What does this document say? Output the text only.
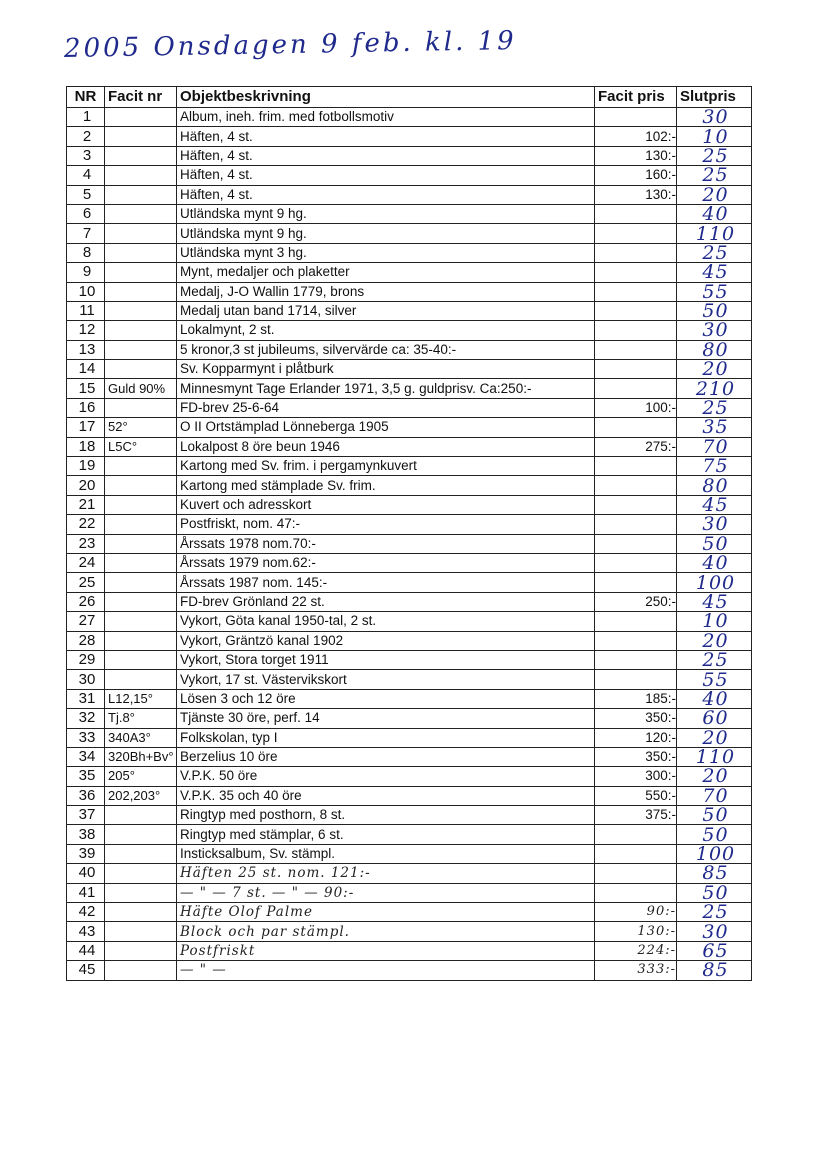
2005 Onsdagen 9 feb. kl. 19
NR	Facit nr	Objektbeskrivning	Facit pris	Slutpris
1		Album, ineh. frim. med fotbollsmotiv		30
2		Häften, 4 st.	102:-	10
3		Häften, 4 st.	130:-	25
4		Häften, 4 st.	160:-	25
5		Häften, 4 st.	130:-	20
6		Utländska mynt 9 hg.		40
7		Utländska mynt 9 hg.		110
8		Utländska mynt 3 hg.		25
9		Mynt, medaljer och plaketter		45
10		Medalj, J-O Wallin 1779, brons		55
11		Medalj utan band 1714, silver		50
12		Lokalmynt, 2 st.		30
13		5 kronor,3 st jubileums, silvervärde ca: 35-40:-		80
14		Sv. Kopparmynt i plåtburk		20
15	Guld 90%	Minnesmynt Tage Erlander 1971, 3,5 g. guldprisv. Ca:250:-		210
16		FD-brev 25-6-64	100:-	25
17	52°	O II Ortstämplad Lönneberga 1905		35
18	L5C°	Lokalpost 8 öre beun 1946	275:-	70
19		Kartong med Sv. frim. i pergamynkuvert		75
20		Kartong med stämplade Sv. frim.		80
21		Kuvert och adresskort		45
22		Postfriskt, nom. 47:-		30
23		Årssats 1978 nom.70:-		50
24		Årssats 1979 nom.62:-		40
25		Årssats 1987 nom. 145:-		100
26		FD-brev Grönland 22 st.	250:-	45
27		Vykort, Göta kanal 1950-tal, 2 st.		10
28		Vykort, Gräntzö kanal 1902		20
29		Vykort, Stora torget 1911		25
30		Vykort, 17 st. Västervikskort		55
31	L12,15°	Lösen 3 och 12 öre	185:-	40
32	Tj.8°	Tjänste 30 öre, perf. 14	350:-	60
33	340A3°	Folkskolan, typ I	120:-	20
34	320Bh+Bv°	Berzelius 10 öre	350:-	110
35	205°	V.P.K. 50 öre	300:-	20
36	202,203°	V.P.K. 35 och 40 öre	550:-	70
37		Ringtyp med posthorn, 8 st.	375:-	50
38		Ringtyp med stämplar, 6 st.		50
39		Insticksalbum, Sv. stämpl.		100
40		Häften 25 st. nom. 121:-		85
41		— " — 7 st. — " — 90:-		50
42		Häfte Olof Palme	90:-	25
43		Block och par stämpl.	130:-	30
44		Postfriskt	224:-	65
45		— " —	333:-	85
